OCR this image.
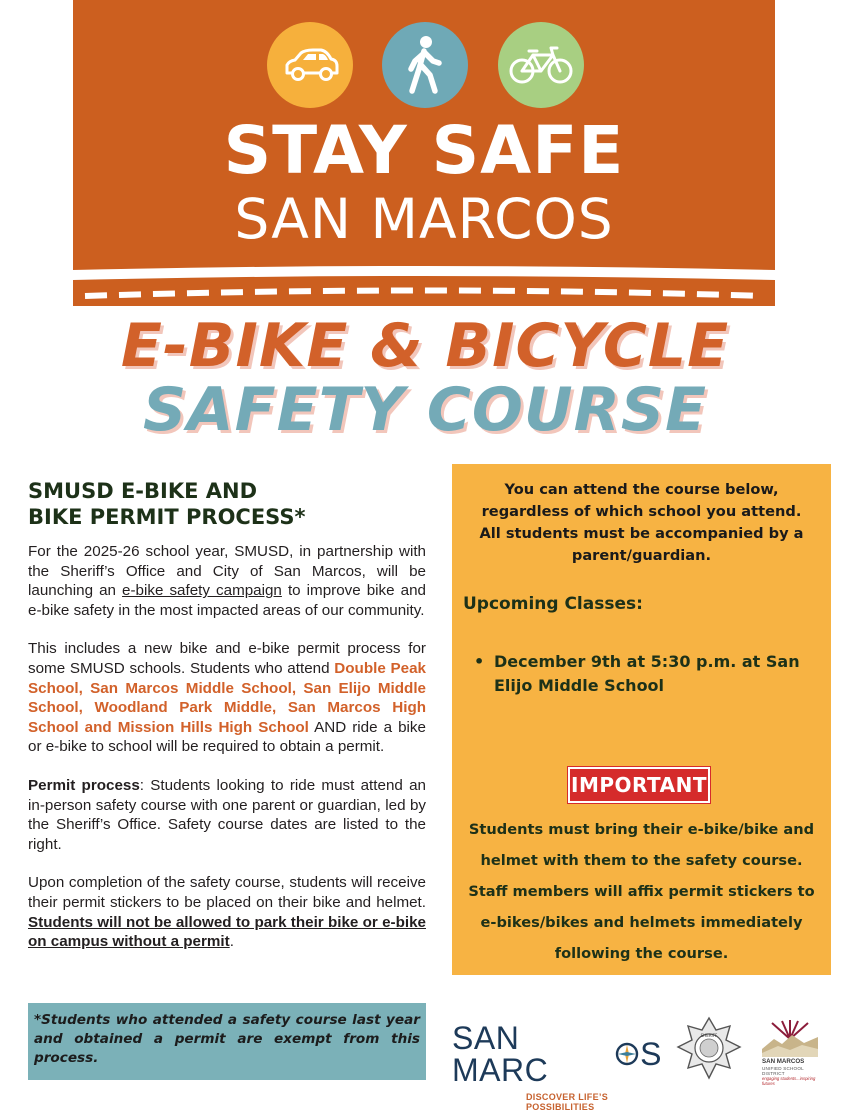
STAY SAFE
SAN MARCOS
E-BIKE & BICYCLE
SAFETY COURSE
SMUSD E-BIKE AND
BIKE PERMIT PROCESS*

For the 2025-26 school year, SMUSD, in partnership with the Sheriff’s Office and City of San Marcos, will be launching an e-bike safety campaign to improve bike and e-bike safety in the most impacted areas of our community.

This includes a new bike and e-bike permit process for some SMUSD schools. Students who attend Double Peak School, San Marcos Middle School, San Elijo Middle School, Woodland Park Middle, San Marcos High School and Mission Hills High School AND ride a bike or e-bike to school will be required to obtain a permit.

Permit process: Students looking to ride must attend an in-person safety course with one parent or guardian, led by the Sheriff’s Office. Safety course dates are listed to the right.

Upon completion of the safety course, students will receive their permit stickers to be placed on their bike and helmet. Students will not be allowed to park their bike or e-bike on campus without a permit.

*Students who attended a safety course last year and obtained a permit are exempt from this process.
You can attend the course below, regardless of which school you attend. All students must be accompanied by a parent/guardian.
Upcoming Classes:
• December 9th at 5:30 p.m. at San Elijo Middle School
IMPORTANT
Students must bring their e-bike/bike and helmet with them to the safety course. Staff members will affix permit stickers to e-bikes/bikes and helmets immediately following the course.
SAN MARC	S
DISCOVER LIFE’S POSSIBILITIES
SHERIFF
SAN MARCOS
UNIFIED SCHOOL DISTRICT
engaging students...inspiring futures
